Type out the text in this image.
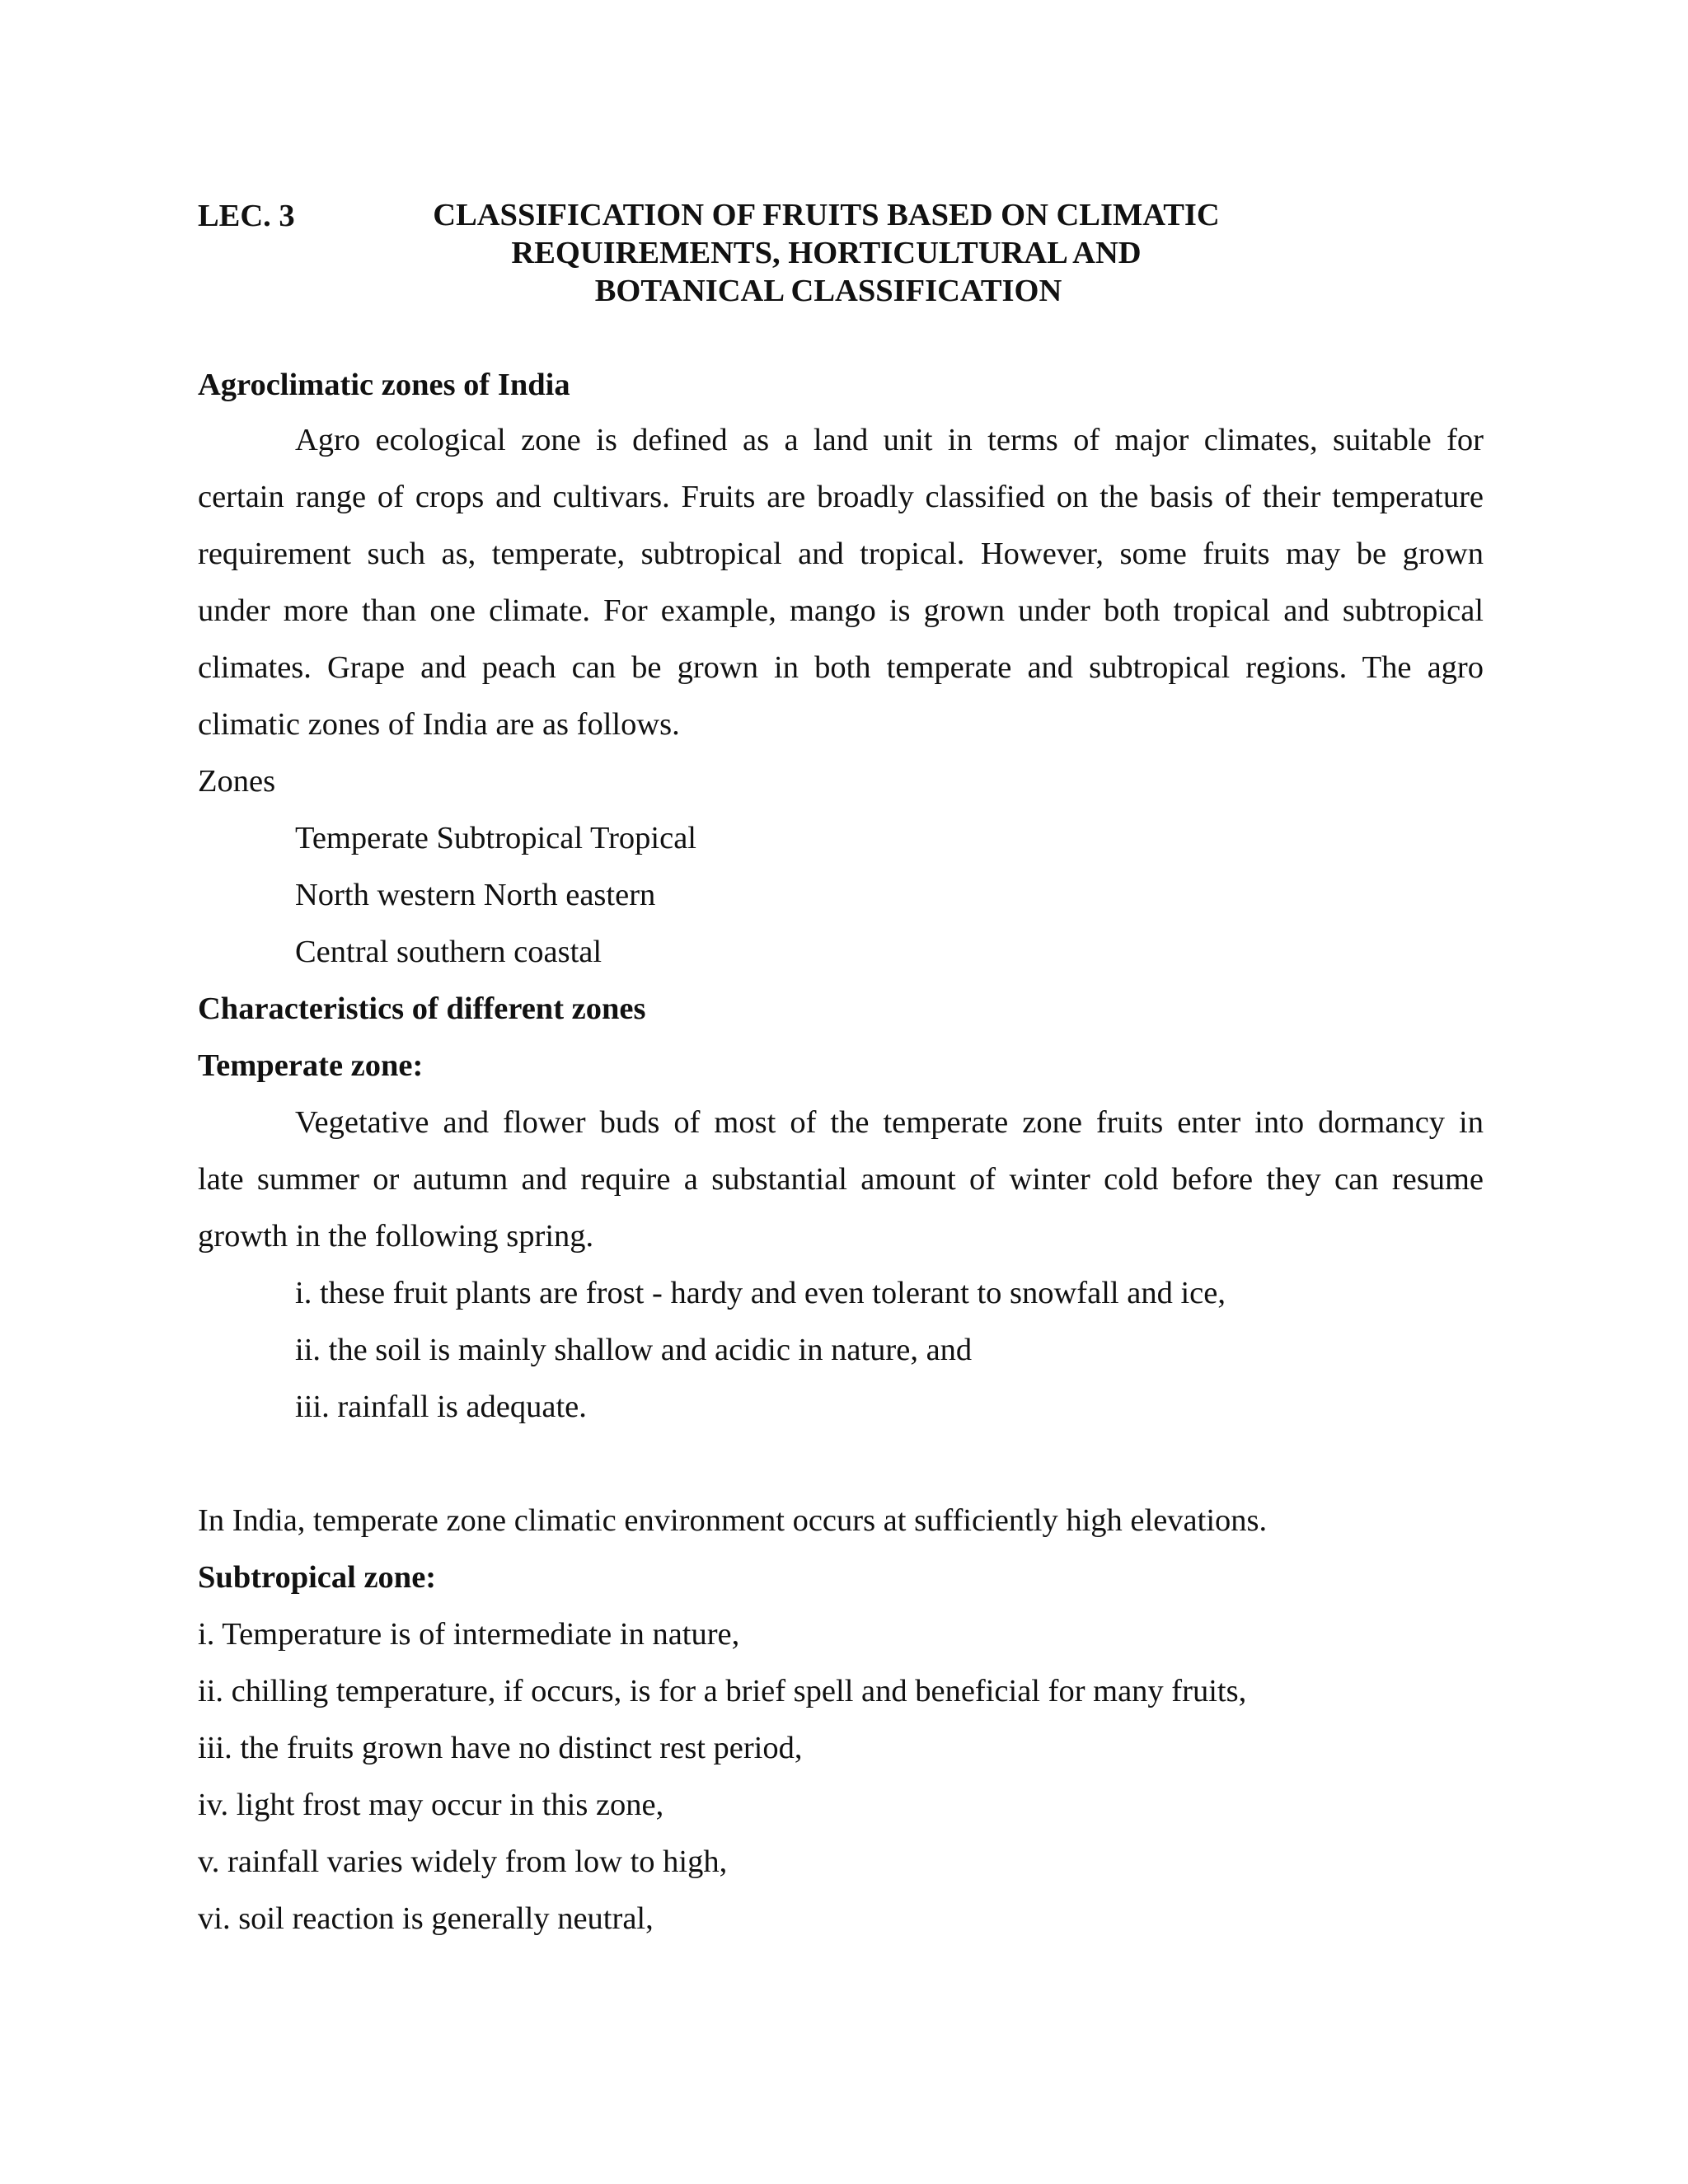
LEC. 3	CLASSIFICATION OF FRUITS BASED ON CLIMATIC
REQUIREMENTS, HORTICULTURAL AND
BOTANICAL CLASSIFICATION
Agroclimatic zones of India
Agro ecological zone is defined as a land unit in terms of major climates, suitable for
certain range of crops and cultivars. Fruits are broadly classified on the basis of their temperature
requirement such as, temperate, subtropical and tropical. However, some fruits may be grown
under more than one climate. For example, mango is grown under both tropical and subtropical
climates. Grape and peach can be grown in both temperate and subtropical regions. The agro
climatic zones of India are as follows.
Zones
Temperate Subtropical Tropical
North western North eastern
Central southern coastal
Characteristics of different zones
Temperate zone:
Vegetative and flower buds of most of the temperate zone fruits enter into dormancy in
late summer or autumn and require a substantial amount of winter cold before they can resume
growth in the following spring.
i. these fruit plants are frost - hardy and even tolerant to snowfall and ice,
ii. the soil is mainly shallow and acidic in nature, and
iii. rainfall is adequate.
In India, temperate zone climatic environment occurs at sufficiently high elevations.
Subtropical zone:
i. Temperature is of intermediate in nature,
ii. chilling temperature, if occurs, is for a brief spell and beneficial for many fruits,
iii. the fruits grown have no distinct rest period,
iv. light frost may occur in this zone,
v. rainfall varies widely from low to high,
vi. soil reaction is generally neutral,
